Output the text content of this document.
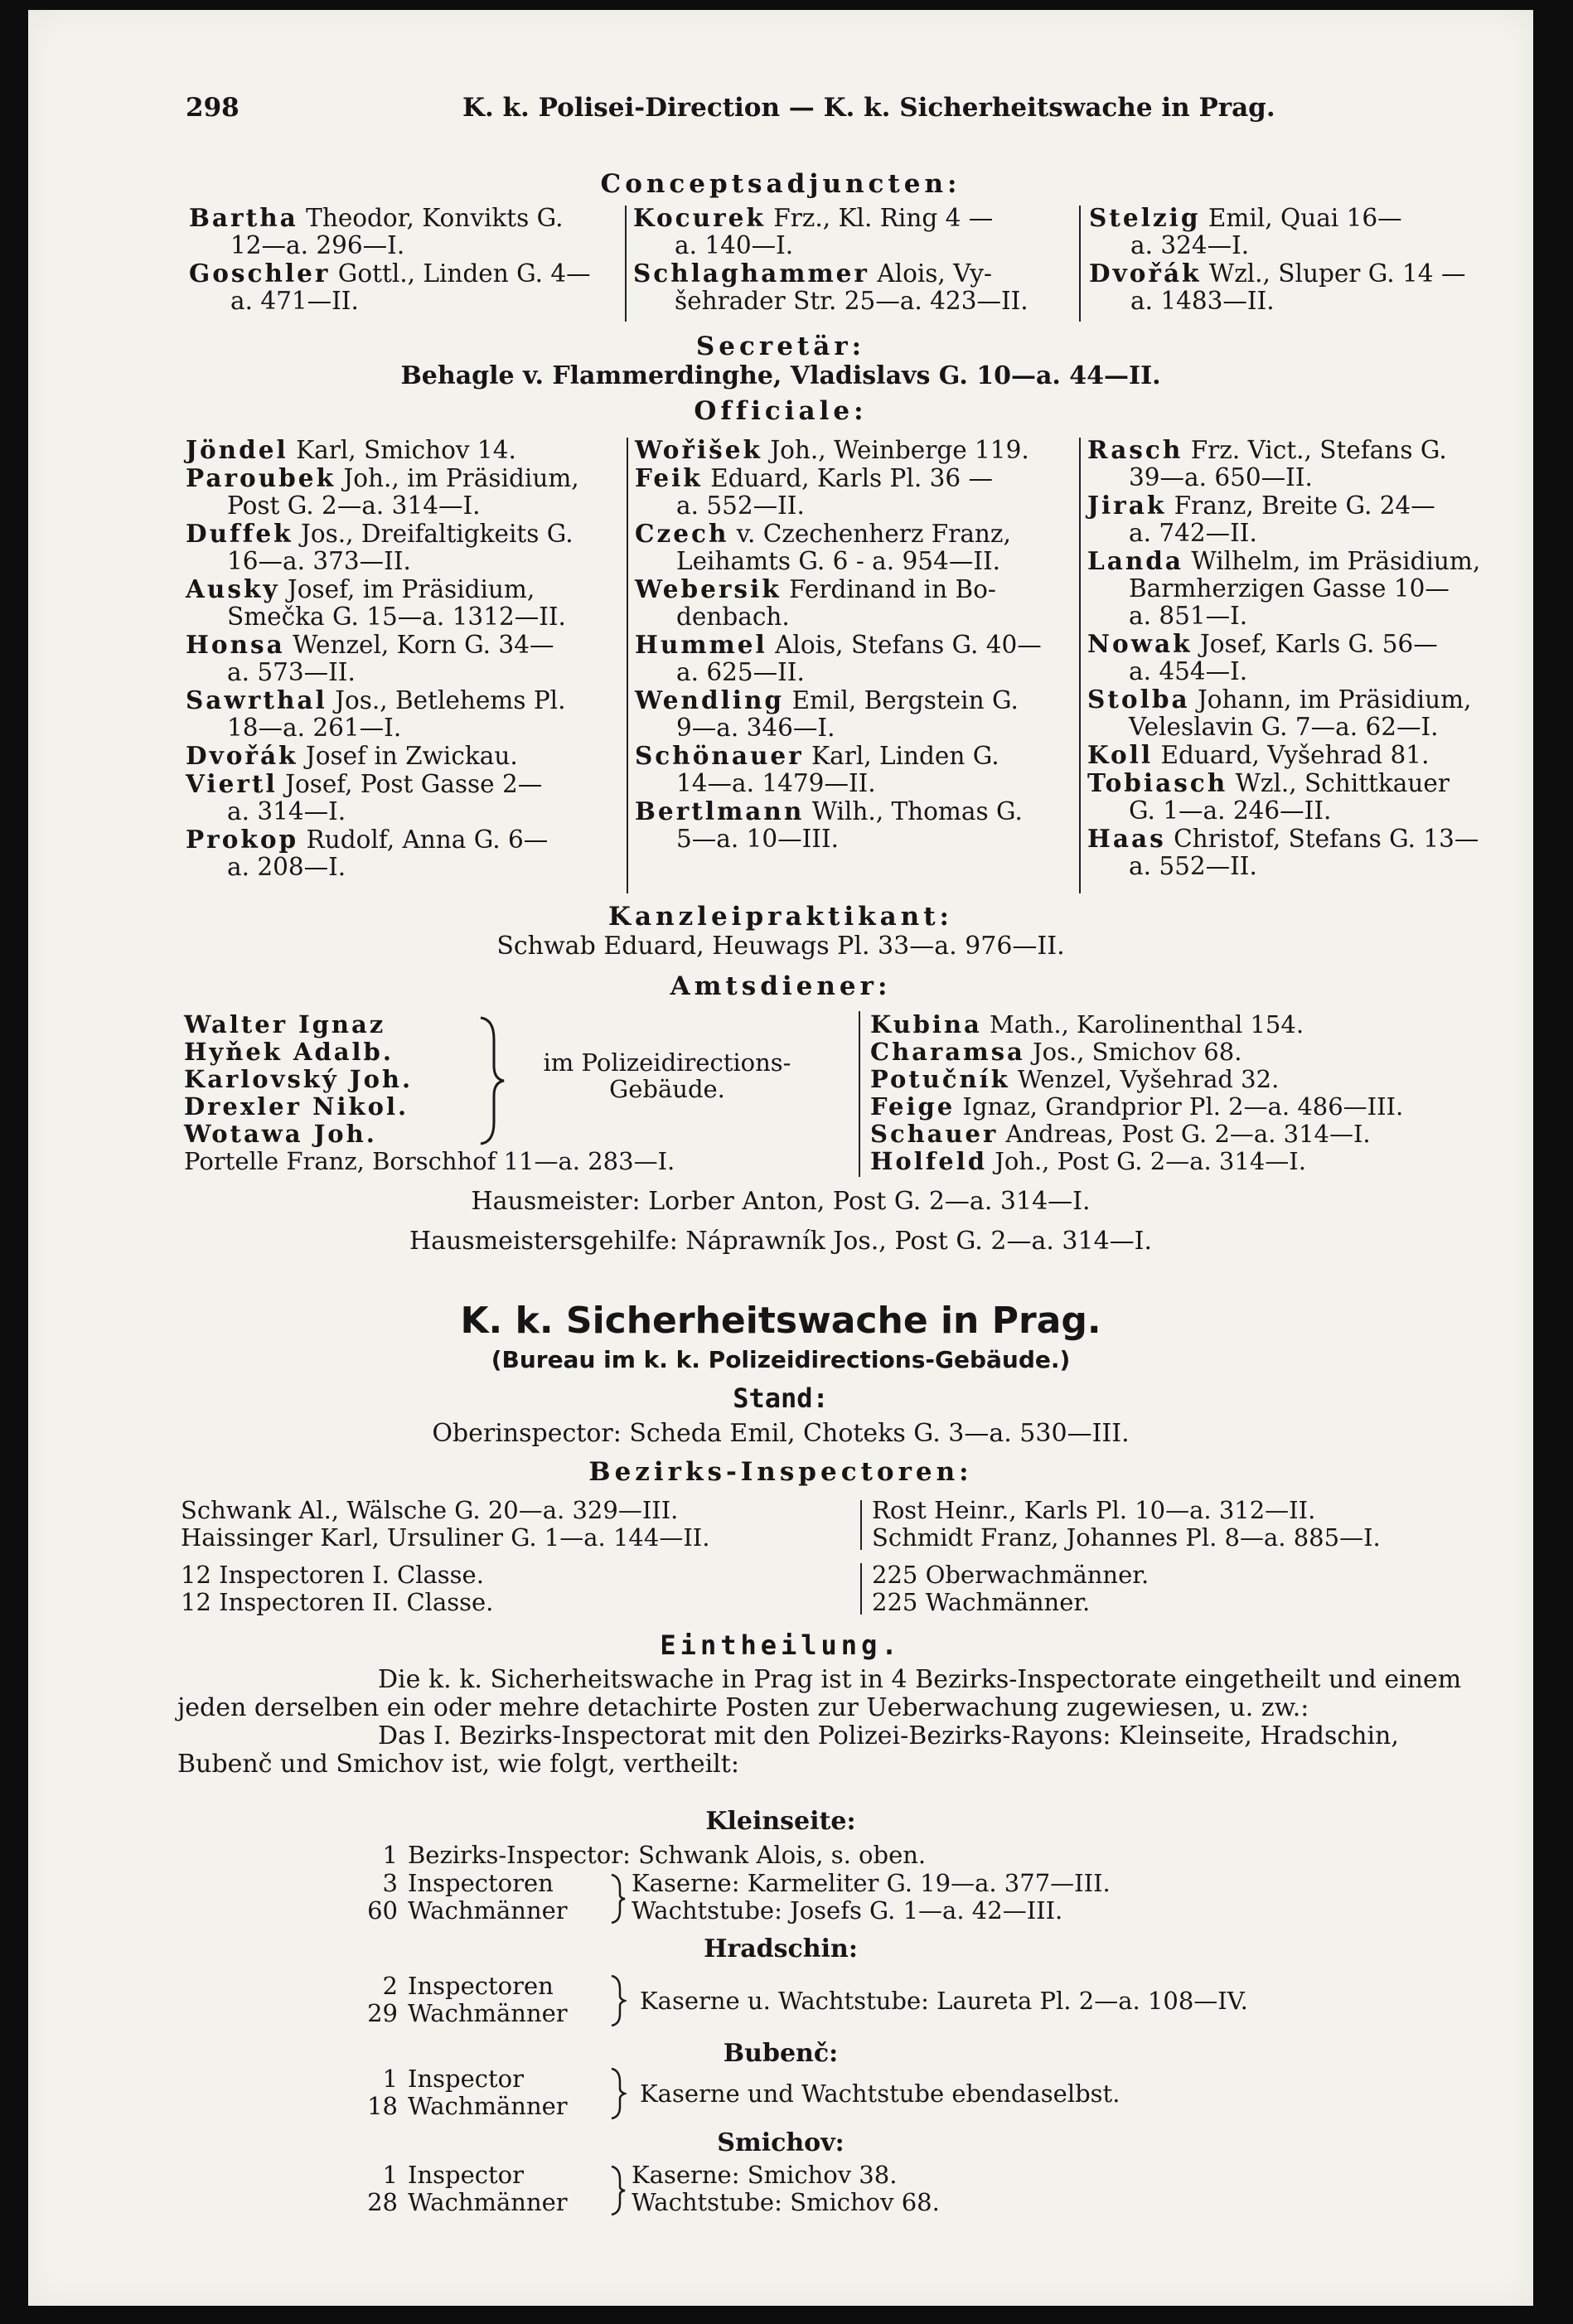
298	K. k. Polisei-Direction — K. k. Sicherheitswache in Prag.
Conceptsadjuncten:
Bartha Theodor, Konvikts G.
12—a. 296—I.
Goschler Gottl., Linden G. 4—
a. 471—II.
Kocurek Frz., Kl. Ring 4 —
a. 140—I.
Schlaghammer Alois, Vy-
šehrader Str. 25—a. 423—II.
Stelzig Emil, Quai 16—
a. 324—I.
Dvořák Wzl., Sluper G. 14 —
a. 1483—II.
Secretär:
Behagle v. Flammerdinghe, Vladislavs G. 10—a. 44—II.
Officiale:
Jöndel Karl, Smichov 14.
Paroubek Joh., im Präsidium,
Post G. 2—a. 314—I.
Duffek Jos., Dreifaltigkeits G.
16—a. 373—II.
Ausky Josef, im Präsidium,
Smečka G. 15—a. 1312—II.
Honsa Wenzel, Korn G. 34—
a. 573—II.
Sawrthal Jos., Betlehems Pl.
18—a. 261—I.
Dvořák Josef in Zwickau.
Viertl Josef, Post Gasse 2—
a. 314—I.
Prokop Rudolf, Anna G. 6—
a. 208—I.
Wořišek Joh., Weinberge 119.
Feik Eduard, Karls Pl. 36 —
a. 552—II.
Czech v. Czechenherz Franz,
Leihamts G. 6 - a. 954—II.
Webersik Ferdinand in Bo-
denbach.
Hummel Alois, Stefans G. 40—
a. 625—II.
Wendling Emil, Bergstein G.
9—a. 346—I.
Schönauer Karl, Linden G.
14—a. 1479—II.
Bertlmann Wilh., Thomas G.
5—a. 10—III.
Rasch Frz. Vict., Stefans G.
39—a. 650—II.
Jirak Franz, Breite G. 24—
a. 742—II.
Landa Wilhelm, im Präsidium,
Barmherzigen Gasse 10—
a. 851—I.
Nowak Josef, Karls G. 56—
a. 454—I.
Stolba Johann, im Präsidium,
Veleslavin G. 7—a. 62—I.
Koll Eduard, Vyšehrad 81.
Tobiasch Wzl., Schittkauer
G. 1—a. 246—II.
Haas Christof, Stefans G. 13—
a. 552—II.
Kanzleipraktikant:
Schwab Eduard, Heuwags Pl. 33—a. 976—II.
Amtsdiener:
Walter Ignaz
Hyňek Adalb.
Karlovský Joh.
Drexler Nikol.
Wotawa Joh.
Portelle Franz, Borschhof 11—a. 283—I.
im Polizeidirections-
Gebäude.
Kubina Math., Karolinenthal 154.
Charamsa Jos., Smichov 68.
Potučník Wenzel, Vyšehrad 32.
Feige Ignaz, Grandprior Pl. 2—a. 486—III.
Schauer Andreas, Post G. 2—a. 314—I.
Holfeld Joh., Post G. 2—a. 314—I.
Hausmeister: Lorber Anton, Post G. 2—a. 314—I.
Hausmeistersgehilfe: Náprawník Jos., Post G. 2—a. 314—I.
K. k. Sicherheitswache in Prag.
(Bureau im k. k. Polizeidirections-Gebäude.)
Stand:
Oberinspector: Scheda Emil, Choteks G. 3—a. 530—III.
Bezirks-Inspectoren:
Schwank Al., Wälsche G. 20—a. 329—III.
Haissinger Karl, Ursuliner G. 1—a. 144—II.
Rost Heinr., Karls Pl. 10—a. 312—II.
Schmidt Franz, Johannes Pl. 8—a. 885—I.
12 Inspectoren I. Classe.
12 Inspectoren II. Classe.
225 Oberwachmänner.
225 Wachmänner.
Eintheilung.
Die k. k. Sicherheitswache in Prag ist in 4 Bezirks-Inspectorate eingetheilt und einem
jeden derselben ein oder mehre detachirte Posten zur Ueberwachung zugewiesen, u. zw.:
Das I. Bezirks-Inspectorat mit den Polizei-Bezirks-Rayons: Kleinseite, Hradschin,
Bubenč und Smichov ist, wie folgt, vertheilt:
Kleinseite:
1 Bezirks-Inspector: Schwank Alois, s. oben.
3 Inspectoren
60 Wachmänner
Kaserne: Karmeliter G. 19—a. 377—III.
Wachtstube: Josefs G. 1—a. 42—III.
Hradschin:
2 Inspectoren
29 Wachmänner	Kaserne u. Wachtstube: Laureta Pl. 2—a. 108—IV.
Bubenč:
1 Inspector
18 Wachmänner	Kaserne und Wachtstube ebendaselbst.
Smichov:
1 Inspector
28 Wachmänner
Kaserne: Smichov 38.
Wachtstube: Smichov 68.
